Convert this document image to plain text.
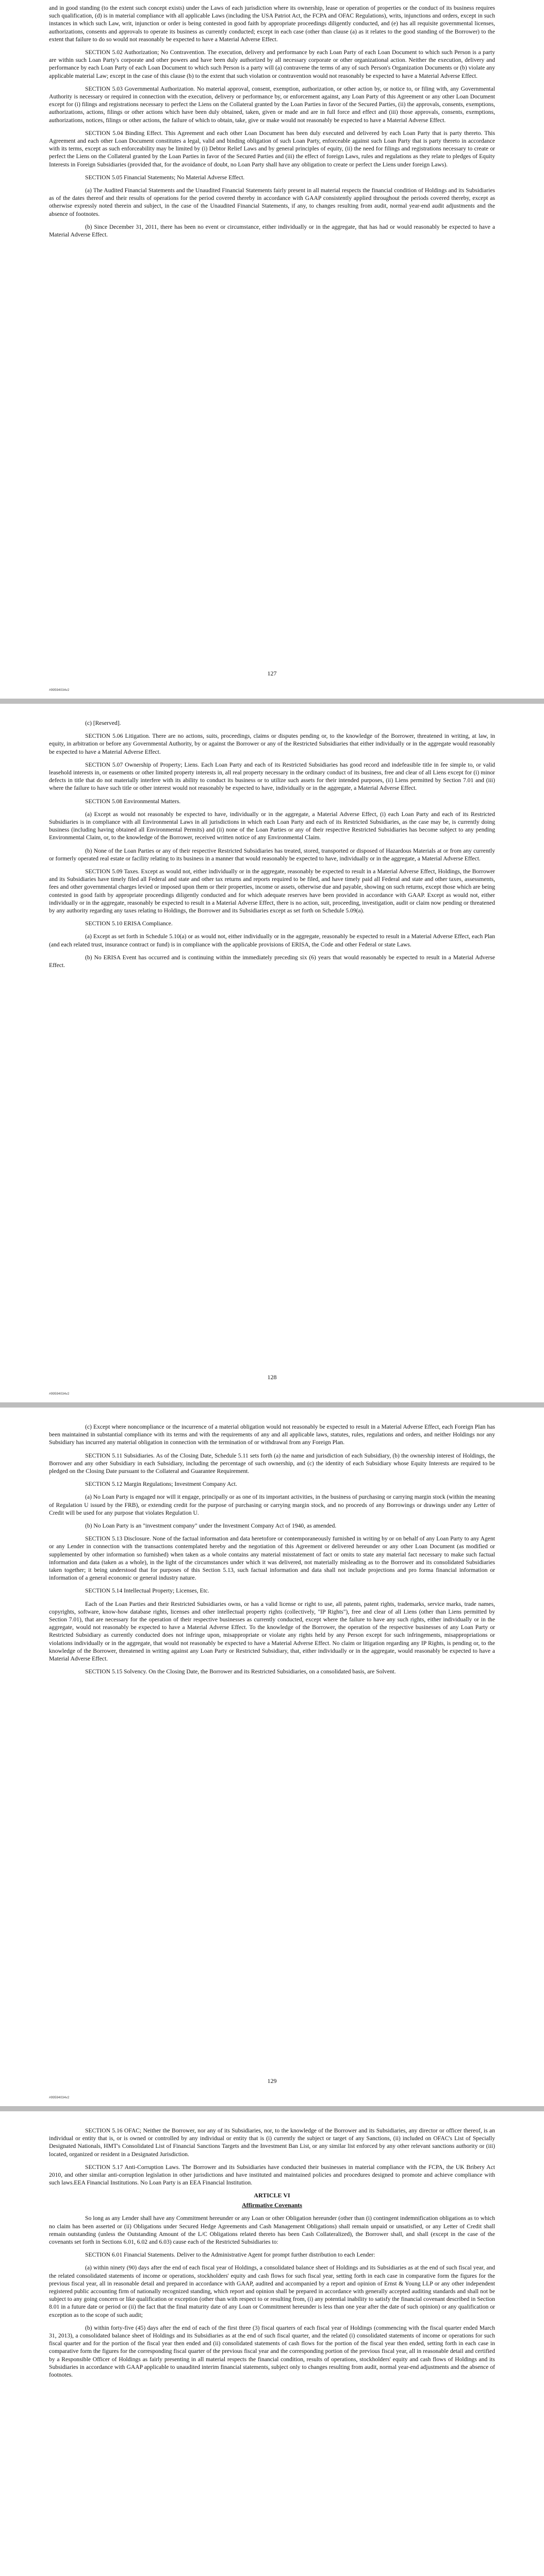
and in good standing (to the extent such concept exists) under the Laws of each jurisdiction where its ownership, lease or operation of properties or the conduct of its business requires such qualification, (d) is in material compliance with all applicable Laws (including the USA Patriot Act, the FCPA and OFAC Regulations), writs, injunctions and orders, except in such instances in which such Law, writ, injunction or order is being contested in good faith by appropriate proceedings diligently conducted, and (e) has all requisite governmental licenses, authorizations, consents and approvals to operate its business as currently conducted; except in each case (other than clause (a) as it relates to the good standing of the Borrower) to the extent that failure to do so would not reasonably be expected to have a Material Adverse Effect.

SECTION 5.02 Authorization; No Contravention. The execution, delivery and performance by each Loan Party of each Loan Document to which such Person is a party are within such Loan Party's corporate and other powers and have been duly authorized by all necessary corporate or other organizational action. Neither the execution, delivery and performance by each Loan Party of each Loan Document to which such Person is a party will (a) contravene the terms of any of such Person's Organization Documents or (b) violate any applicable material Law; except in the case of this clause (b) to the extent that such violation or contravention would not reasonably be expected to have a Material Adverse Effect.

SECTION 5.03 Governmental Authorization. No material approval, consent, exemption, authorization, or other action by, or notice to, or filing with, any Governmental Authority is necessary or required in connection with the execution, delivery or performance by, or enforcement against, any Loan Party of this Agreement or any other Loan Document except for (i) filings and registrations necessary to perfect the Liens on the Collateral granted by the Loan Parties in favor of the Secured Parties, (ii) the approvals, consents, exemptions, authorizations, actions, filings or other actions which have been duly obtained, taken, given or made and are in full force and effect and (iii) those approvals, consents, exemptions, authorizations, notices, filings or other actions, the failure of which to obtain, take, give or make would not reasonably be expected to have a Material Adverse Effect.

SECTION 5.04 Binding Effect. This Agreement and each other Loan Document has been duly executed and delivered by each Loan Party that is party thereto. This Agreement and each other Loan Document constitutes a legal, valid and binding obligation of such Loan Party, enforceable against such Loan Party that is party thereto in accordance with its terms, except as such enforceability may be limited by (i) Debtor Relief Laws and by general principles of equity, (ii) the need for filings and registrations necessary to create or perfect the Liens on the Collateral granted by the Loan Parties in favor of the Secured Parties and (iii) the effect of foreign Laws, rules and regulations as they relate to pledges of Equity Interests in Foreign Subsidiaries (provided that, for the avoidance of doubt, no Loan Party shall have any obligation to create or perfect the Liens under foreign Laws).

SECTION 5.05 Financial Statements; No Material Adverse Effect.

(a) The Audited Financial Statements and the Unaudited Financial Statements fairly present in all material respects the financial condition of Holdings and its Subsidiaries as of the dates thereof and their results of operations for the period covered thereby in accordance with GAAP consistently applied throughout the periods covered thereby, except as otherwise expressly noted therein and subject, in the case of the Unaudited Financial Statements, if any, to changes resulting from audit, normal year-end audit adjustments and the absence of footnotes.

(b) Since December 31, 2011, there has been no event or circumstance, either individually or in the aggregate, that has had or would reasonably be expected to have a Material Adverse Effect.

127
#99594034v2

(c) [Reserved].

SECTION 5.06 Litigation. There are no actions, suits, proceedings, claims or disputes pending or, to the knowledge of the Borrower, threatened in writing, at law, in equity, in arbitration or before any Governmental Authority, by or against the Borrower or any of the Restricted Subsidiaries that either individually or in the aggregate would reasonably be expected to have a Material Adverse Effect.

SECTION 5.07 Ownership of Property; Liens. Each Loan Party and each of its Restricted Subsidiaries has good record and indefeasible title in fee simple to, or valid leasehold interests in, or easements or other limited property interests in, all real property necessary in the ordinary conduct of its business, free and clear of all Liens except for (i) minor defects in title that do not materially interfere with its ability to conduct its business or to utilize such assets for their intended purposes, (ii) Liens permitted by Section 7.01 and (iii) where the failure to have such title or other interest would not reasonably be expected to have, individually or in the aggregate, a Material Adverse Effect.

SECTION 5.08 Environmental Matters.

(a) Except as would not reasonably be expected to have, individually or in the aggregate, a Material Adverse Effect, (i) each Loan Party and each of its Restricted Subsidiaries is in compliance with all Environmental Laws in all jurisdictions in which each Loan Party and each of its Restricted Subsidiaries, as the case may be, is currently doing business (including having obtained all Environmental Permits) and (ii) none of the Loan Parties or any of their respective Restricted Subsidiaries has become subject to any pending Environmental Claim, or, to the knowledge of the Borrower, received written notice of any Environmental Claim.

(b) None of the Loan Parties or any of their respective Restricted Subsidiaries has treated, stored, transported or disposed of Hazardous Materials at or from any currently or formerly operated real estate or facility relating to its business in a manner that would reasonably be expected to have, individually or in the aggregate, a Material Adverse Effect.

SECTION 5.09 Taxes. Except as would not, either individually or in the aggregate, reasonably be expected to result in a Material Adverse Effect, Holdings, the Borrower and its Subsidiaries have timely filed all Federal and state and other tax returns and reports required to be filed, and have timely paid all Federal and state and other taxes, assessments, fees and other governmental charges levied or imposed upon them or their properties, income or assets, otherwise due and payable, showing on such returns, except those which are being contested in good faith by appropriate proceedings diligently conducted and for which adequate reserves have been provided in accordance with GAAP. Except as would not, either individually or in the aggregate, reasonably be expected to result in a Material Adverse Effect, there is no action, suit, proceeding, investigation, audit or claim now pending or threatened by any authority regarding any taxes relating to Holdings, the Borrower and its Subsidiaries except as set forth on Schedule 5.09(a).

SECTION 5.10 ERISA Compliance.

(a) Except as set forth in Schedule 5.10(a) or as would not, either individually or in the aggregate, reasonably be expected to result in a Material Adverse Effect, each Plan (and each related trust, insurance contract or fund) is in compliance with the applicable provisions of ERISA, the Code and other Federal or state Laws.

(b) No ERISA Event has occurred and is continuing within the immediately preceding six (6) years that would reasonably be expected to result in a Material Adverse Effect.

128
#99594034v2

(c) Except where noncompliance or the incurrence of a material obligation would not reasonably be expected to result in a Material Adverse Effect, each Foreign Plan has been maintained in substantial compliance with its terms and with the requirements of any and all applicable laws, statutes, rules, regulations and orders, and neither Holdings nor any Subsidiary has incurred any material obligation in connection with the termination of or withdrawal from any Foreign Plan.

SECTION 5.11 Subsidiaries. As of the Closing Date, Schedule 5.11 sets forth (a) the name and jurisdiction of each Subsidiary, (b) the ownership interest of Holdings, the Borrower and any other Subsidiary in each Subsidiary, including the percentage of such ownership, and (c) the identity of each Subsidiary whose Equity Interests are required to be pledged on the Closing Date pursuant to the Collateral and Guarantee Requirement.

SECTION 5.12 Margin Regulations; Investment Company Act.

(a) No Loan Party is engaged nor will it engage, principally or as one of its important activities, in the business of purchasing or carrying margin stock (within the meaning of Regulation U issued by the FRB), or extending credit for the purpose of purchasing or carrying margin stock, and no proceeds of any Borrowings or drawings under any Letter of Credit will be used for any purpose that violates Regulation U.

(b) No Loan Party is an "investment company" under the Investment Company Act of 1940, as amended.

SECTION 5.13 Disclosure. None of the factual information and data heretofore or contemporaneously furnished in writing by or on behalf of any Loan Party to any Agent or any Lender in connection with the transactions contemplated hereby and the negotiation of this Agreement or delivered hereunder or any other Loan Document (as modified or supplemented by other information so furnished) when taken as a whole contains any material misstatement of fact or omits to state any material fact necessary to make such factual information and data (taken as a whole), in the light of the circumstances under which it was delivered, not materially misleading as to the Borrower and its consolidated Subsidiaries taken together; it being understood that for purposes of this Section 5.13, such factual information and data shall not include projections and pro forma financial information or information of a general economic or general industry nature.

SECTION 5.14 Intellectual Property; Licenses, Etc.

Each of the Loan Parties and their Restricted Subsidiaries owns, or has a valid license or right to use, all patents, patent rights, trademarks, service marks, trade names, copyrights, software, know-how database rights, licenses and other intellectual property rights (collectively, "IP Rights"), free and clear of all Liens (other than Liens permitted by Section 7.01), that are necessary for the operation of their respective businesses as currently conducted, except where the failure to have any such rights, either individually or in the aggregate, would not reasonably be expected to have a Material Adverse Effect. To the knowledge of the Borrower, the operation of the respective businesses of any Loan Party or Restricted Subsidiary as currently conducted does not infringe upon, misappropriate or violate any rights held by any Person except for such infringements, misappropriations or violations individually or in the aggregate, that would not reasonably be expected to have a Material Adverse Effect. No claim or litigation regarding any IP Rights, is pending or, to the knowledge of the Borrower, threatened in writing against any Loan Party or Restricted Subsidiary, that, either individually or in the aggregate, would reasonably be expected to have a Material Adverse Effect.

SECTION 5.15 Solvency. On the Closing Date, the Borrower and its Restricted Subsidiaries, on a consolidated basis, are Solvent.

129
#99594034v2

SECTION 5.16 OFAC; Neither the Borrower, nor any of its Subsidiaries, nor, to the knowledge of the Borrower and its Subsidiaries, any director or officer thereof, is an individual or entity that is, or is owned or controlled by any individual or entity that is (i) currently the subject or target of any Sanctions, (ii) included on OFAC's List of Specially Designated Nationals, HMT's Consolidated List of Financial Sanctions Targets and the Investment Ban List, or any similar list enforced by any other relevant sanctions authority or (iii) located, organized or resident in a Designated Jurisdiction.

SECTION 5.17 Anti-Corruption Laws. The Borrower and its Subsidiaries have conducted their businesses in material compliance with the FCPA, the UK Bribery Act 2010, and other similar anti-corruption legislation in other jurisdictions and have instituted and maintained policies and procedures designed to promote and achieve compliance with such laws.EEA Financial Institutions. No Loan Party is an EEA Financial Institution.

ARTICLE VI
Affirmative Covenants

So long as any Lender shall have any Commitment hereunder or any Loan or other Obligation hereunder (other than (i) contingent indemnification obligations as to which no claim has been asserted or (ii) Obligations under Secured Hedge Agreements and Cash Management Obligations) shall remain unpaid or unsatisfied, or any Letter of Credit shall remain outstanding (unless the Outstanding Amount of the L/C Obligations related thereto has been Cash Collateralized), the Borrower shall, and shall (except in the case of the covenants set forth in Sections 6.01, 6.02 and 6.03) cause each of the Restricted Subsidiaries to:

SECTION 6.01 Financial Statements. Deliver to the Administrative Agent for prompt further distribution to each Lender:

(a) within ninety (90) days after the end of each fiscal year of Holdings, a consolidated balance sheet of Holdings and its Subsidiaries as at the end of such fiscal year, and the related consolidated statements of income or operations, stockholders' equity and cash flows for such fiscal year, setting forth in each case in comparative form the figures for the previous fiscal year, all in reasonable detail and prepared in accordance with GAAP, audited and accompanied by a report and opinion of Ernst & Young LLP or any other independent registered public accounting firm of nationally recognized standing, which report and opinion shall be prepared in accordance with generally accepted auditing standards and shall not be subject to any going concern or like qualification or exception (other than with respect to or resulting from, (i) any potential inability to satisfy the financial covenant described in Section 8.01 in a future date or period or (ii) the fact that the final maturity date of any Loan or Commitment hereunder is less than one year after the date of such opinion) or any qualification or exception as to the scope of such audit;

(b) within forty-five (45) days after the end of each of the first three (3) fiscal quarters of each fiscal year of Holdings (commencing with the fiscal quarter ended March 31, 2013), a consolidated balance sheet of Holdings and its Subsidiaries as at the end of such fiscal quarter, and the related (i) consolidated statements of income or operations for such fiscal quarter and for the portion of the fiscal year then ended and (ii) consolidated statements of cash flows for the portion of the fiscal year then ended, setting forth in each case in comparative form the figures for the corresponding fiscal quarter of the previous fiscal year and the corresponding portion of the previous fiscal year, all in reasonable detail and certified by a Responsible Officer of Holdings as fairly presenting in all material respects the financial condition, results of operations, stockholders' equity and cash flows of Holdings and its Subsidiaries in accordance with GAAP applicable to unaudited interim financial statements, subject only to changes resulting from audit, normal year-end adjustments and the absence of footnotes.
